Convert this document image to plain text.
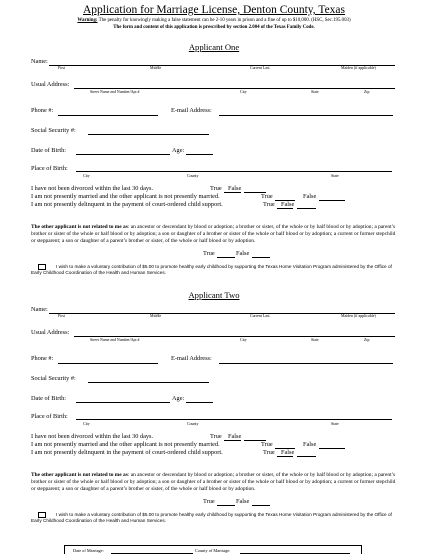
Application for Marriage License, Denton County, Texas
Warning: The penalty for knowingly making a false statement can be 2-10 years in prison and a fine of up to $10,000. (HSC, Sec.195.003)
The form and content of this application is prescribed by section 2.004 of the Texas Family Code.
Applicant One
Name:
First	Middle	Current Last	Maiden (if applicable)
Usual Address:
Street Name and Number/Apt #	City	State	Zip
Phone #:	E-mail Address:
Social Security #:
Date of Birth:	Age:
Place of Birth:
City	County	State
I have not been divorced within the last 30 days.	True False
I am not presently married and the other applicant is not presently married.	True	False
I am not presently delinquent in the payment of court-ordered child support.	True False
The other applicant is not related to me as: an ancestor or descendant by blood or adoption; a brother or sister, of the whole or by half blood or by adoption; a parent’s brother or sister of the whole or half blood or by adoption; a son or daughter of a brother or sister of the whole or half blood or by adoption; a current or former stepchild or stepparent; a son or daughter of a parent’s brother or sister, of the whole or half blood or by adoption.
True	False
I wish to make a voluntary contribution of $5.00 to promote healthy early childhood by supporting the Texas Home Visitation Program administered by the Office of Early Childhood Coordination of the Health and Human Services.
Applicant Two
Name:
First	Middle	Current Last	Maiden (if applicable)
Usual Address:
Street Name and Number/Apt #	City	State	Zip
Phone #:	E-mail Address:
Social Security #:
Date of Birth:	Age:
Place of Birth:
City	County	State
I have not been divorced within the last 30 days.	True False
I am not presently married and the other applicant is not presently married.	True	False
I am not presently delinquent in the payment of court-ordered child support.	True False
The other applicant is not related to me as: an ancestor or descendant by blood or adoption; a brother or sister, of the whole or by half blood or by adoption; a parent’s brother or sister of the whole or half blood or by adoption; a son or daughter of a brother or sister of the whole or half blood or by adoption; a current or former stepchild or stepparent; a son or daughter of a parent’s brother or sister, of the whole or half blood or by adoption.
True	False
I wish to make a voluntary contribution of $5.00 to promote healthy early childhood by supporting the Texas Home Visitation Program administered by the Office of Early Childhood Coordination of the Health and Human Services.
Date of Marriage:	County of Marriage:
